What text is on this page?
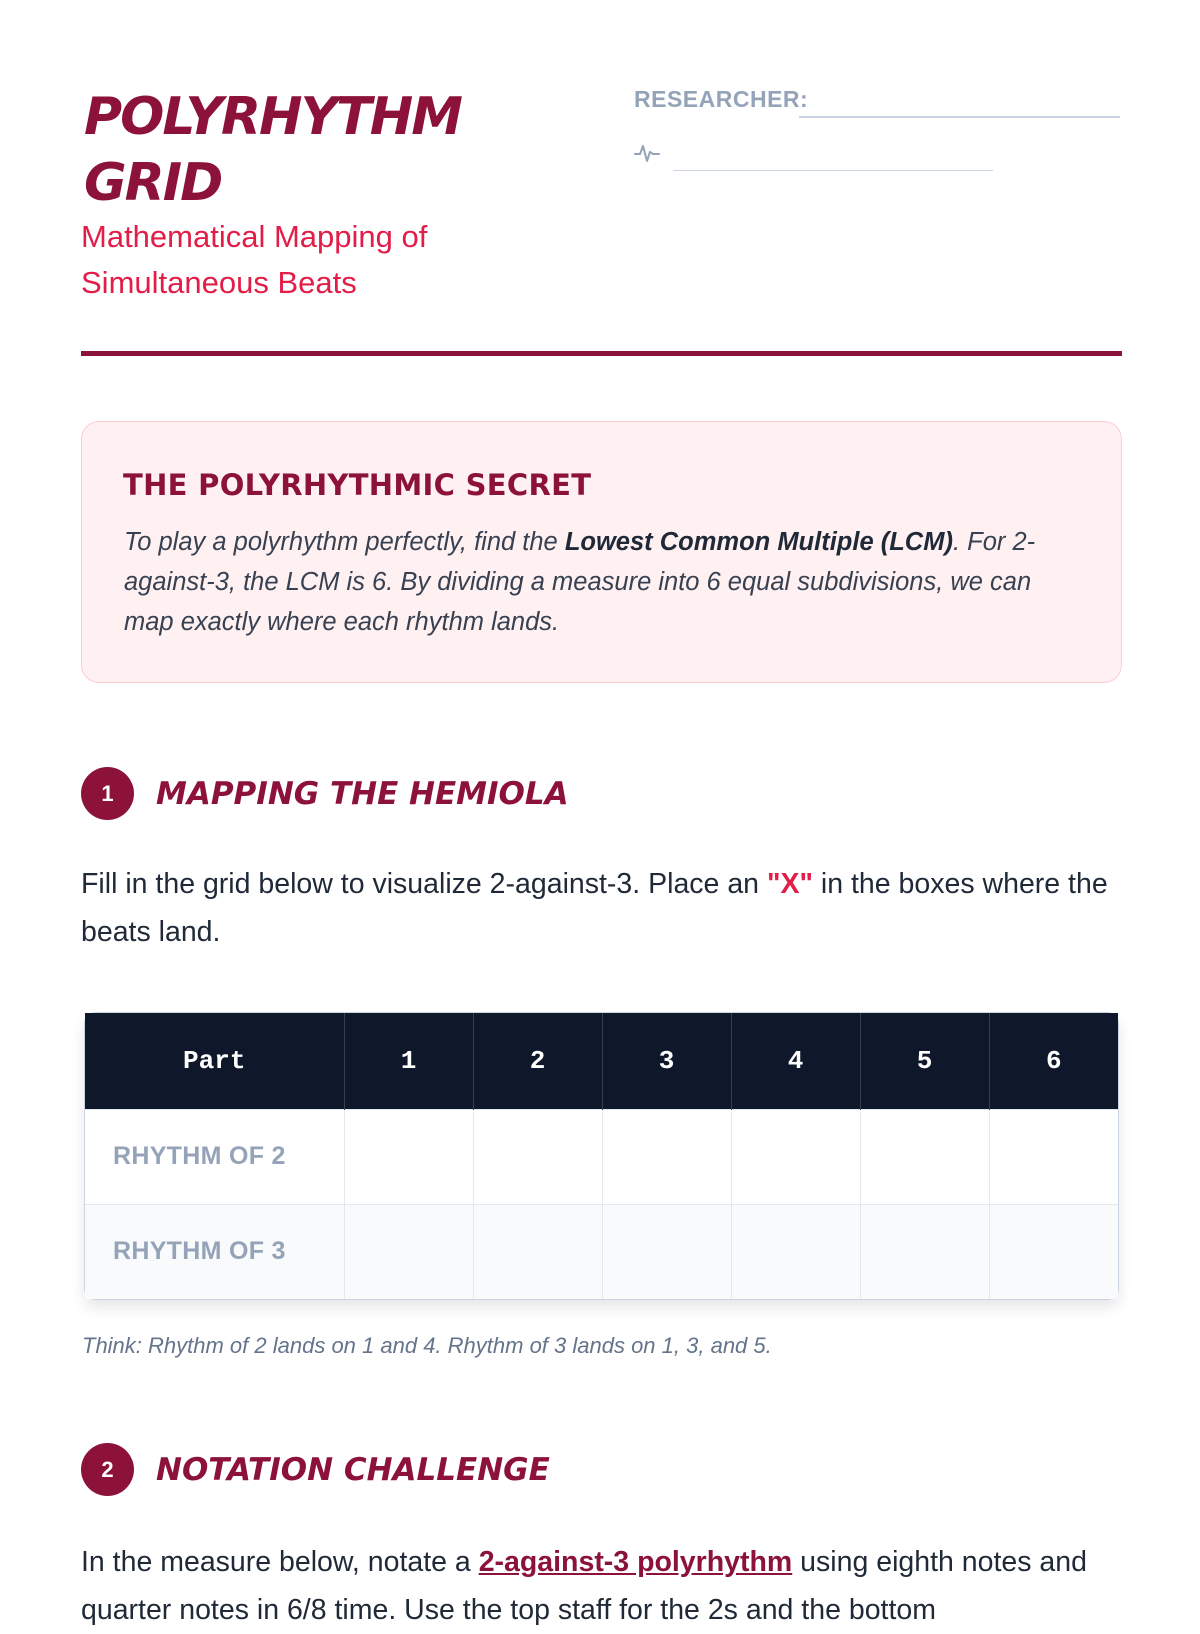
POLYRHYTHM GRID
Mathematical Mapping of Simultaneous Beats
RESEARCHER:
THE POLYRHYTHMIC SECRET

To play a polyrhythm perfectly, find the Lowest Common Multiple (LCM). For 2-against-3, the LCM is 6. By dividing a measure into 6 equal subdivisions, we can map exactly where each rhythm lands.

1	MAPPING THE HEMIOLA

Fill in the grid below to visualize 2-against-3. Place an "X" in the boxes where the beats land.

Part	1	2	3	4	5	6
RHYTHM OF 2						
RHYTHM OF 3						
Think: Rhythm of 2 lands on 1 and 4. Rhythm of 3 lands on 1, 3, and 5.
2	NOTATION CHALLENGE

In the measure below, notate a 2-against-3 polyrhythm using eighth notes and quarter notes in 6/8 time. Use the top staff for the 2s and the bottom
